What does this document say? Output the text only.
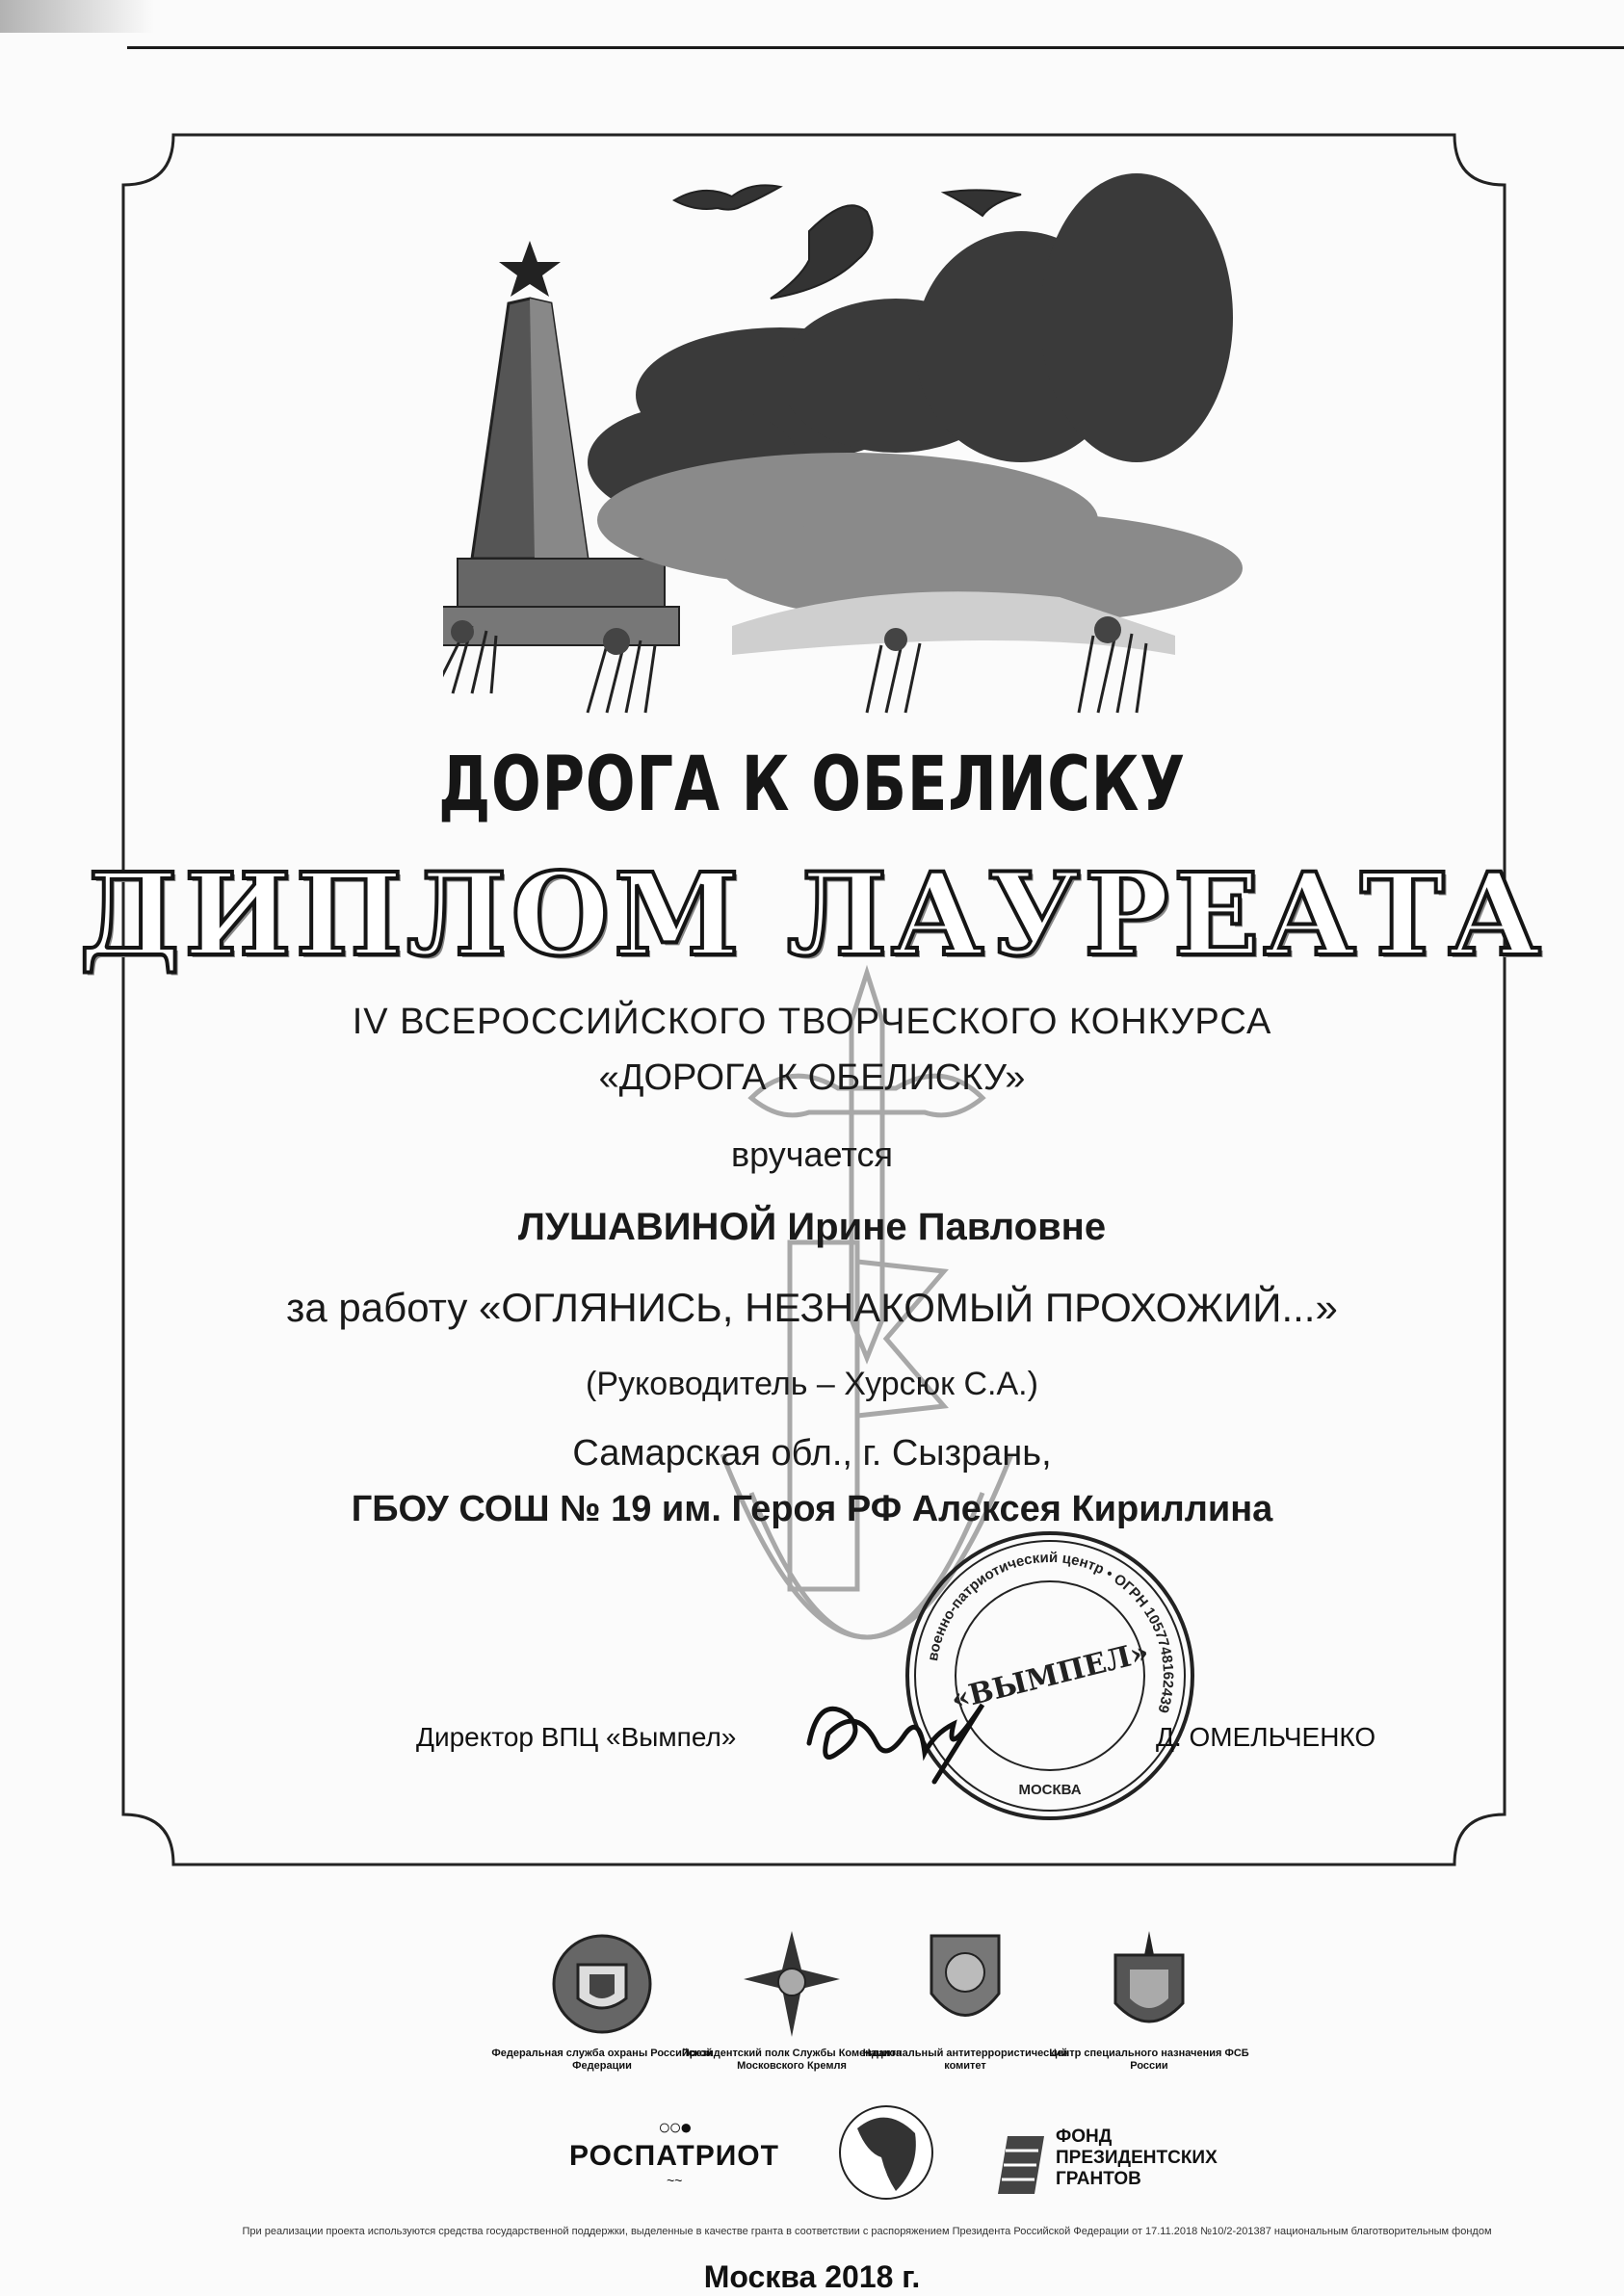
ДОРОГА К ОБЕЛИСКУ
ДИПЛОМ ЛАУРЕАТА
IV ВСЕРОССИЙСКОГО ТВОРЧЕСКОГО КОНКУРСА
«ДОРОГА К ОБЕЛИСКУ»
вручается
ЛУШАВИНОЙ Ирине Павловне
за работу «ОГЛЯНИСЬ, НЕЗНАКОМЫЙ ПРОХОЖИЙ...»
(Руководитель – Хурсюк С.А.)
Самарская обл., г. Сызрань,
ГБОУ СОШ № 19 им. Героя РФ Алексея Кириллина
военно-патриотический центр • ОГРН 1057748162439
«ВЫМПЕЛ»
МОСКВА
Директор ВПЦ «Вымпел»	Д. ОМЕЛЬЧЕНКО
Федеральная служба охраны Российской Федерации
Президентский полк Службы Коменданта Московского Кремля
Национальный антитеррористический комитет
Центр специального назначения ФСБ России
○○●
РОСПАТРИОТ
~~
ФОНД
ПРЕЗИДЕНТСКИХ
ГРАНТОВ
При реализации проекта используются средства государственной поддержки, выделенные в качестве гранта в соответствии с распоряжением Президента Российской Федерации от 17.11.2018 №10/2-201387 национальным благотворительным фондом
Москва 2018 г.
